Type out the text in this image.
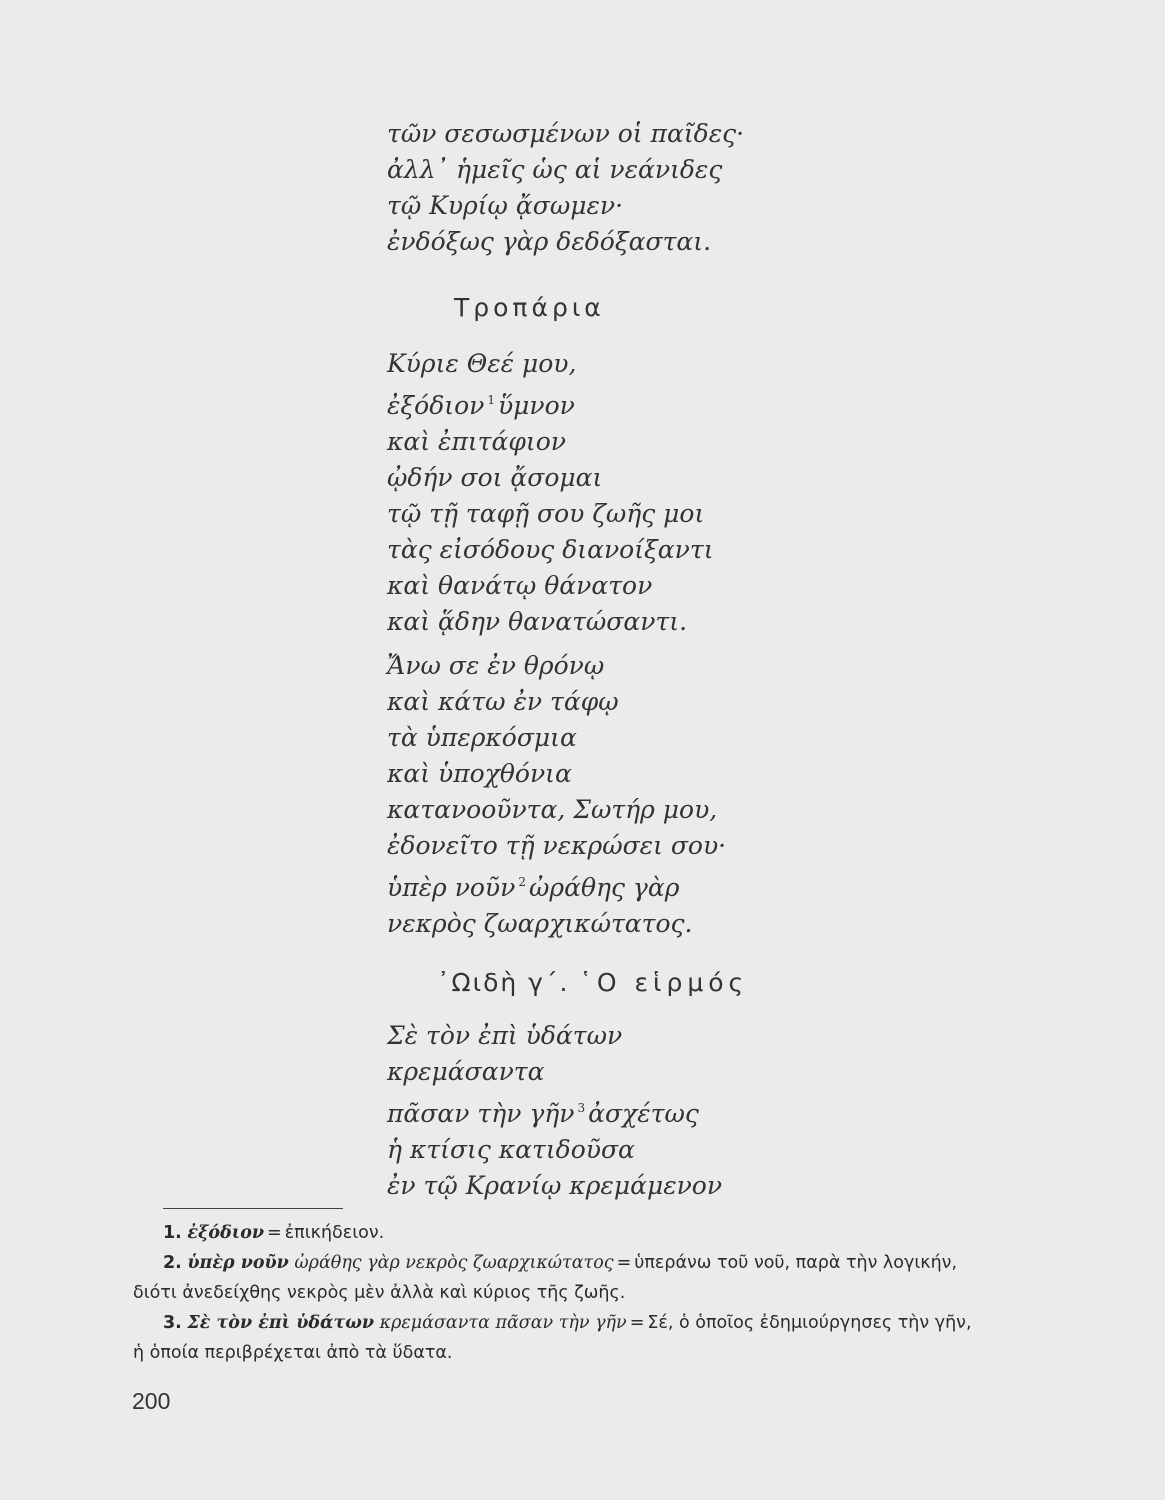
τῶν σεσωσμένων οἱ παῖδες·
ἀλλ᾽ ἡμεῖς ὡς αἱ νεάνιδες
τῷ Κυρίῳ ᾄσωμεν·
ἐνδόξως γὰρ δεδόξασται.
Τροπάρια
Κύριε Θεέ μου,
ἐξόδιον $^1$ ὕμνον
καὶ ἐπιτάφιον
ᾠδήν σοι ᾄσομαι
τῷ τῇ ταφῇ σου ζωῆς μοι
τὰς εἰσόδους διανοίξαντι
καὶ θανάτῳ θάνατον
καὶ ᾅδην θανατώσαντι.
Ἄνω σε ἐν θρόνῳ
καὶ κάτω ἐν τάφῳ
τὰ ὑπερκόσμια
καὶ ὑποχθόνια
κατανοοῦντα, Σωτήρ μου,
ἐδονεῖτο τῇ νεκρώσει σου·
ὑπὲρ νοῦν $^2$ ὠράθης γὰρ
νεκρὸς ζωαρχικώτατος.
᾿Ωιδὴ γ΄. ῾Ο εἱρμός
Σὲ τὸν ἐπὶ ὑδάτων
κρεμάσαντα
πᾶσαν τὴν γῆν $^3$ ἀσχέτως
ἡ κτίσις κατιδοῦσα
ἐν τῷ Κρανίῳ κρεμάμενον

1. ἐξόδιον = ἐπικήδειον.

2. ὑπὲρ νοῦν ὠράθης γὰρ νεκρὸς ζωαρχικώτατος = ὑπεράνω τοῦ νοῦ, παρὰ τὴν λογικήν, διότι ἀνεδείχθης νεκρὸς μὲν ἀλλὰ καὶ κύριος τῆς ζωῆς.

3. Σὲ τὸν ἐπὶ ὑδάτων κρεμάσαντα πᾶσαν τὴν γῆν = Σέ, ὁ ὁποῖος ἐδημιούργησες τὴν γῆν, ἡ ὁποία περιβρέχεται ἀπὸ τὰ ὕδατα.

200
